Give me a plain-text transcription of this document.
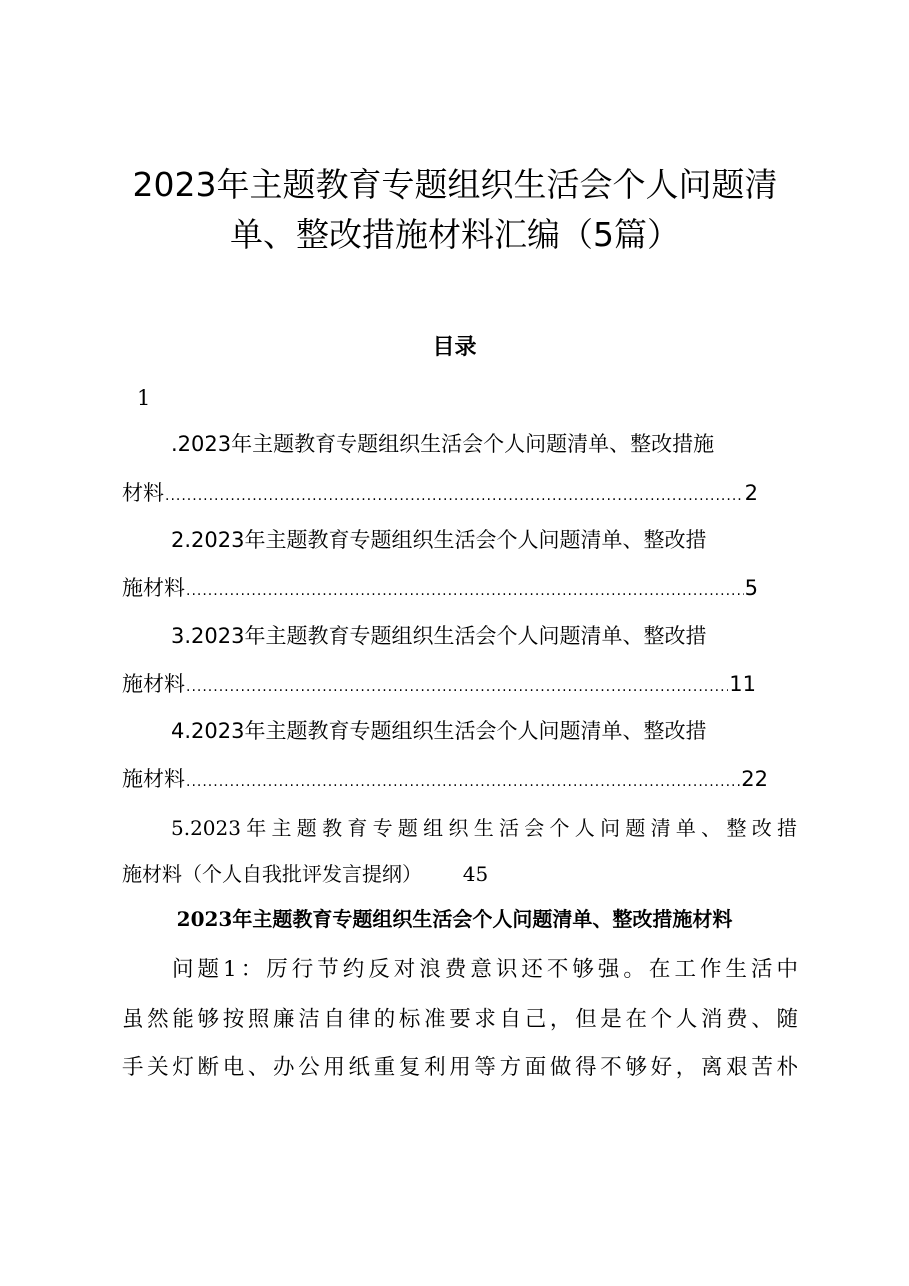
2023年主题教育专题组织生活会个人问题清
单、整改措施材料汇编（5篇）
目录
1
.2023年主题教育专题组织生活会个人问题清单、整改措施
材料 .....	2
2.2023年主题教育专题组织生活会个人问题清单、整改措
施材料 .....	5
3.2023年主题教育专题组织生活会个人问题清单、整改措
施材料 .....	11
4.2023年主题教育专题组织生活会个人问题清单、整改措
施材料 .....	22
5.2023年主题教育专题组织生活会个人问题清单、整改措
施材料（个人自我批评发言提纲） 45
2023年主题教育专题组织生活会个人问题清单、整改措施材料
问题1：厉行节约反对浪费意识还不够强。在工作生活中
虽然能够按照廉洁自律的标准要求自己，但是在个人消费、随
手关灯断电、办公用纸重复利用等方面做得不够好，离艰苦朴
